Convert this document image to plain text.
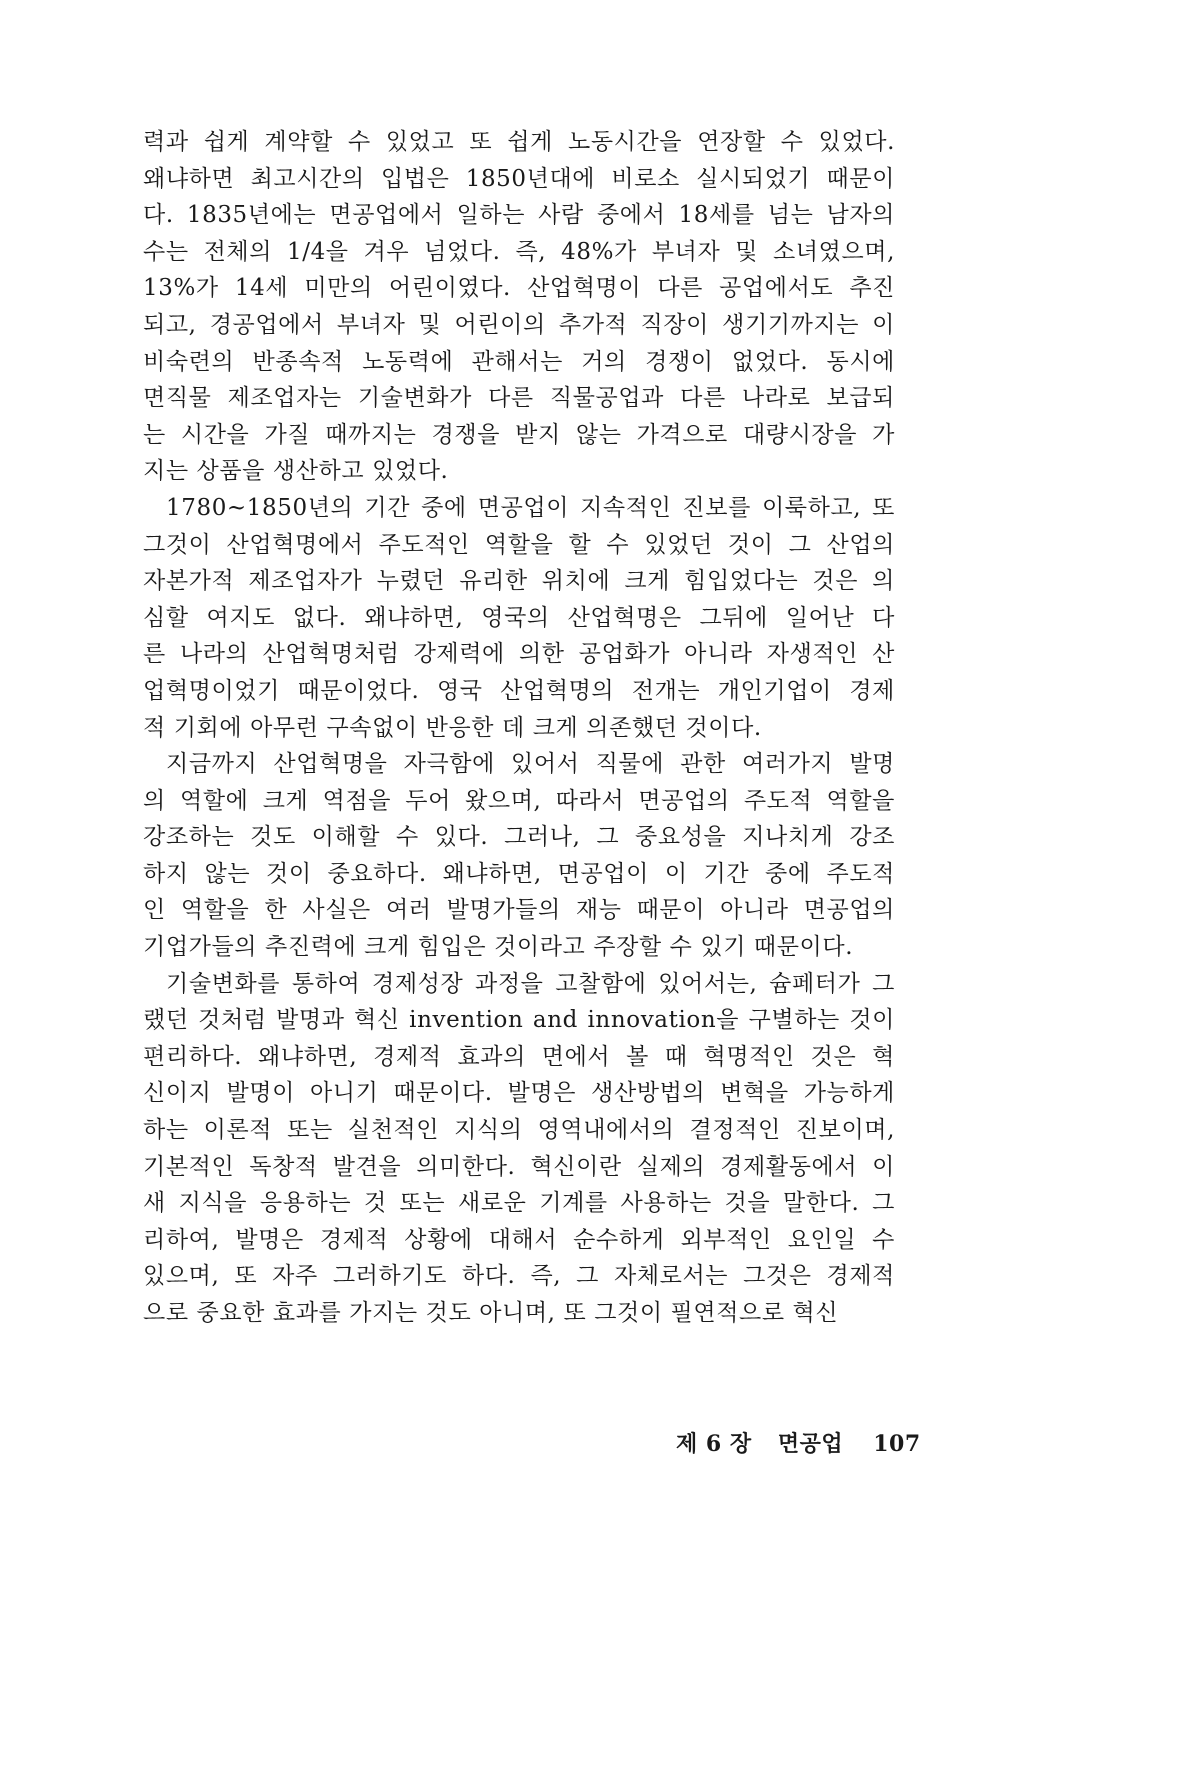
력과 쉽게 계약할 수 있었고 또 쉽게 노동시간을 연장할 수 있었다.
왜냐하면 최고시간의 입법은 1850년대에 비로소 실시되었기 때문이
다. 1835년에는 면공업에서 일하는 사람 중에서 18세를 넘는 남자의
수는 전체의 1/4을 겨우 넘었다. 즉, 48%가 부녀자 및 소녀였으며,
13%가 14세 미만의 어린이였다. 산업혁명이 다른 공업에서도 추진
되고, 경공업에서 부녀자 및 어린이의 추가적 직장이 생기기까지는 이
비숙련의 반종속적 노동력에 관해서는 거의 경쟁이 없었다. 동시에
면직물 제조업자는 기술변화가 다른 직물공업과 다른 나라로 보급되
는 시간을 가질 때까지는 경쟁을 받지 않는 가격으로 대량시장을 가
지는 상품을 생산하고 있었다.
1780~1850년의 기간 중에 면공업이 지속적인 진보를 이룩하고, 또
그것이 산업혁명에서 주도적인 역할을 할 수 있었던 것이 그 산업의
자본가적 제조업자가 누렸던 유리한 위치에 크게 힘입었다는 것은 의
심할 여지도 없다. 왜냐하면, 영국의 산업혁명은 그뒤에 일어난 다
른 나라의 산업혁명처럼 강제력에 의한 공업화가 아니라 자생적인 산
업혁명이었기 때문이었다. 영국 산업혁명의 전개는 개인기업이 경제
적 기회에 아무런 구속없이 반응한 데 크게 의존했던 것이다.
지금까지 산업혁명을 자극함에 있어서 직물에 관한 여러가지 발명
의 역할에 크게 역점을 두어 왔으며, 따라서 면공업의 주도적 역할을
강조하는 것도 이해할 수 있다. 그러나, 그 중요성을 지나치게 강조
하지 않는 것이 중요하다. 왜냐하면, 면공업이 이 기간 중에 주도적
인 역할을 한 사실은 여러 발명가들의 재능 때문이 아니라 면공업의
기업가들의 추진력에 크게 힘입은 것이라고 주장할 수 있기 때문이다.
기술변화를 통하여 경제성장 과정을 고찰함에 있어서는, 슘페터가 그
랬던 것처럼 발명과 혁신 invention and innovation을 구별하는 것이
편리하다. 왜냐하면, 경제적 효과의 면에서 볼 때 혁명적인 것은 혁
신이지 발명이 아니기 때문이다. 발명은 생산방법의 변혁을 가능하게
하는 이론적 또는 실천적인 지식의 영역내에서의 결정적인 진보이며,
기본적인 독창적 발견을 의미한다. 혁신이란 실제의 경제활동에서 이
새 지식을 응용하는 것 또는 새로운 기계를 사용하는 것을 말한다. 그
리하여, 발명은 경제적 상황에 대해서 순수하게 외부적인 요인일 수
있으며, 또 자주 그러하기도 하다. 즉, 그 자체로서는 그것은 경제적
으로 중요한 효과를 가지는 것도 아니며, 또 그것이 필연적으로 혁신
제 6 장 면공업 107
